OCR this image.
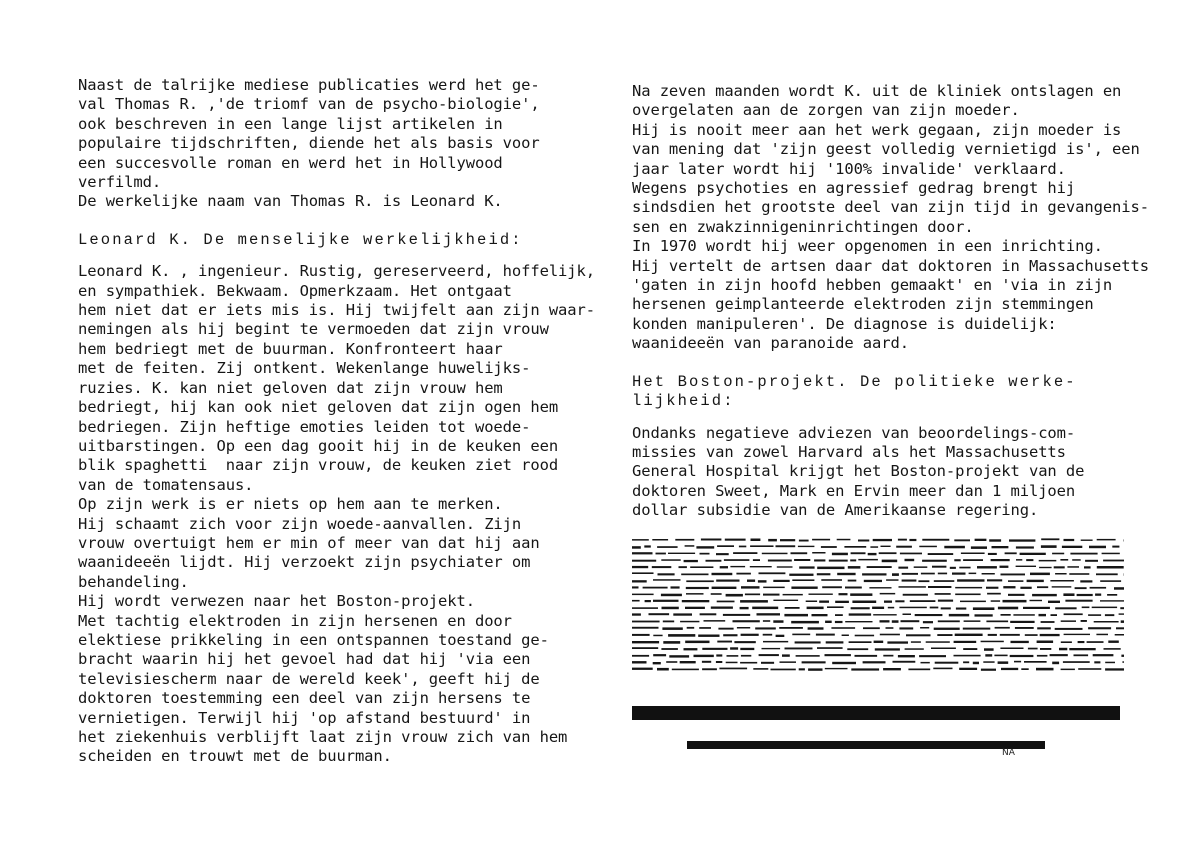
Naast de talrijke mediese publicaties werd het ge-

val Thomas R. ,'de triomf van de psycho-biologie',

ook beschreven in een lange lijst artikelen in

populaire tijdschriften, diende het als basis voor

een succesvolle roman en werd het in Hollywood

verfilmd.

De werkelijke naam van Thomas R. is Leonard K.

Leonard K. De menselijke werkelijkheid:

Leonard K. , ingenieur. Rustig, gereserveerd, hoffelijk,

en sympathiek. Bekwaam. Opmerkzaam. Het ontgaat

hem niet dat er iets mis is. Hij twijfelt aan zijn waar-

nemingen als hij begint te vermoeden dat zijn vrouw

hem bedriegt met de buurman. Konfronteert haar

met de feiten. Zij ontkent. Wekenlange huwelijks-

ruzies. K. kan niet geloven dat zijn vrouw hem

bedriegt, hij kan ook niet geloven dat zijn ogen hem

bedriegen. Zijn heftige emoties leiden tot woede-

uitbarstingen. Op een dag gooit hij in de keuken een

blik spaghetti  naar zijn vrouw, de keuken ziet rood

van de tomatensaus.

Op zijn werk is er niets op hem aan te merken.

Hij schaamt zich voor zijn woede-aanvallen. Zijn

vrouw overtuigt hem er min of meer van dat hij aan

waanideeën lijdt. Hij verzoekt zijn psychiater om

behandeling.

Hij wordt verwezen naar het Boston-projekt.

Met tachtig elektroden in zijn hersenen en door

elektiese prikkeling in een ontspannen toestand ge-

bracht waarin hij het gevoel had dat hij 'via een

televisiescherm naar de wereld keek', geeft hij de

doktoren toestemming een deel van zijn hersens te

vernietigen. Terwijl hij 'op afstand bestuurd' in

het ziekenhuis verblijft laat zijn vrouw zich van hem

scheiden en trouwt met de buurman.

Na zeven maanden wordt K. uit de kliniek ontslagen en

overgelaten aan de zorgen van zijn moeder.

Hij is nooit meer aan het werk gegaan, zijn moeder is

van mening dat 'zijn geest volledig vernietigd is', een

jaar later wordt hij '100% invalide' verklaard.

Wegens psychoties en agressief gedrag brengt hij

sindsdien het grootste deel van zijn tijd in gevangenis-

sen en zwakzinnigeninrichtingen door.

In 1970 wordt hij weer opgenomen in een inrichting.

Hij vertelt de artsen daar dat doktoren in Massachusetts

'gaten in zijn hoofd hebben gemaakt' en 'via in zijn

hersenen geimplanteerde elektroden zijn stemmingen

konden manipuleren'. De diagnose is duidelijk:

waanideeën van paranoide aard.

Het Boston-projekt. De politieke werke-

lijkheid:

Ondanks negatieve adviezen van beoordelings-com-

missies van zowel Harvard als het Massachusetts

General Hospital krijgt het Boston-projekt van de

doktoren Sweet, Mark en Ervin meer dan 1 miljoen

dollar subsidie van de Amerikaanse regering.

NA
